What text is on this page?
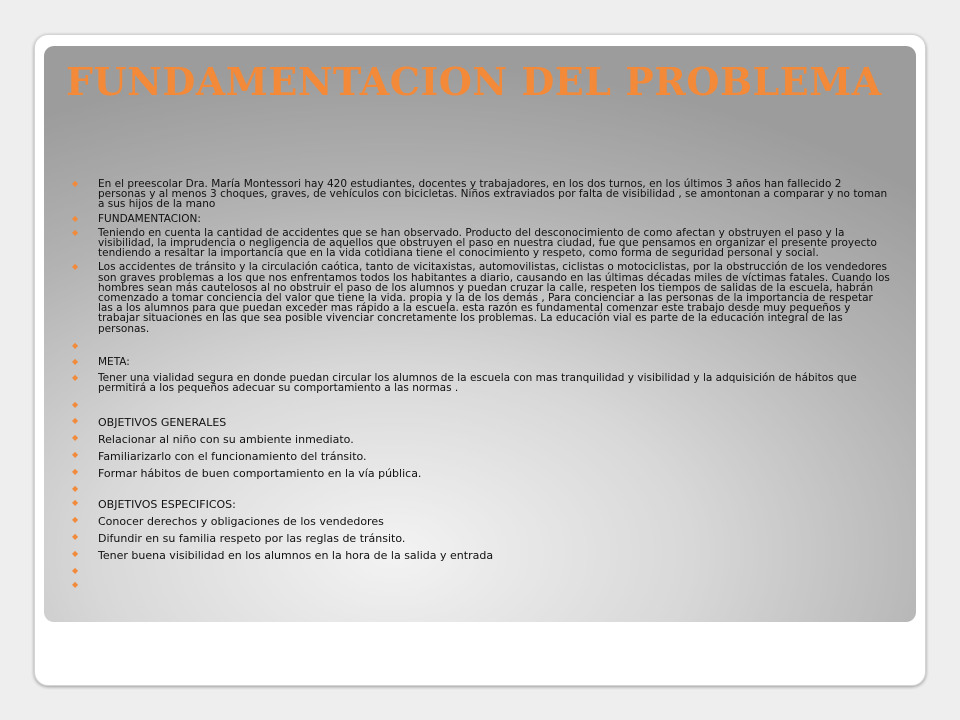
FUNDAMENTACION DEL PROBLEMA
◆ En el preescolar Dra. María Montessori hay 420 estudiantes, docentes y trabajadores, en los dos turnos, en los últimos 3 años han fallecido 2 personas y al menos 3 choques, graves, de vehículos con bicicletas. Niños extraviados por falta de visibilidad , se amontonan a comparar y no toman a sus hijos de la mano
◆ FUNDAMENTACION:
◆ Teniendo en cuenta la cantidad de accidentes que se han observado. Producto del desconocimiento de como afectan y obstruyen el paso y la visibilidad, la imprudencia o negligencia de aquellos que obstruyen el paso en nuestra ciudad, fue que pensamos en organizar el presente proyecto tendiendo a resaltar la importancia que en la vida cotidiana tiene el conocimiento y respeto, como forma de seguridad personal y social.
◆ Los accidentes de tránsito y la circulación caótica, tanto de vicitaxistas, automovilistas, ciclistas o motociclistas, por la obstrucción de los vendedores son graves problemas a los que nos enfrentamos todos los habitantes a diario, causando en las últimas décadas miles de víctimas fatales. Cuando los hombres sean más cautelosos al no obstruir el paso de los alumnos y puedan cruzar la calle, respeten los tiempos de salidas de la escuela, habrán comenzado a tomar conciencia del valor que tiene la vida. propia y la de los demás , Para concienciar a las personas de la importancia de respetar las a los alumnos para que puedan exceder mas rápido a la escuela. esta razón es fundamental comenzar este trabajo desde muy pequeños y trabajar situaciones en las que sea posible vivenciar concretamente los problemas. La educación vial es parte de la educación integral de las personas.
◆
◆ META:
◆ Tener una vialidad segura en donde puedan circular los alumnos de la escuela con mas tranquilidad y visibilidad y la adquisición de hábitos que permitirá a los pequeños adecuar su comportamiento a las normas .
◆
◆ OBJETIVOS GENERALES
◆ Relacionar al niño con su ambiente inmediato.
◆ Familiarizarlo con el funcionamiento del tránsito.
◆ Formar hábitos de buen comportamiento en la vía pública.
◆
◆ OBJETIVOS ESPECIFICOS:
◆ Conocer derechos y obligaciones de los vendedores
◆ Difundir en su familia respeto por las reglas de tránsito.
◆ Tener buena visibilidad en los alumnos en la hora de la salida y entrada
◆
◆
